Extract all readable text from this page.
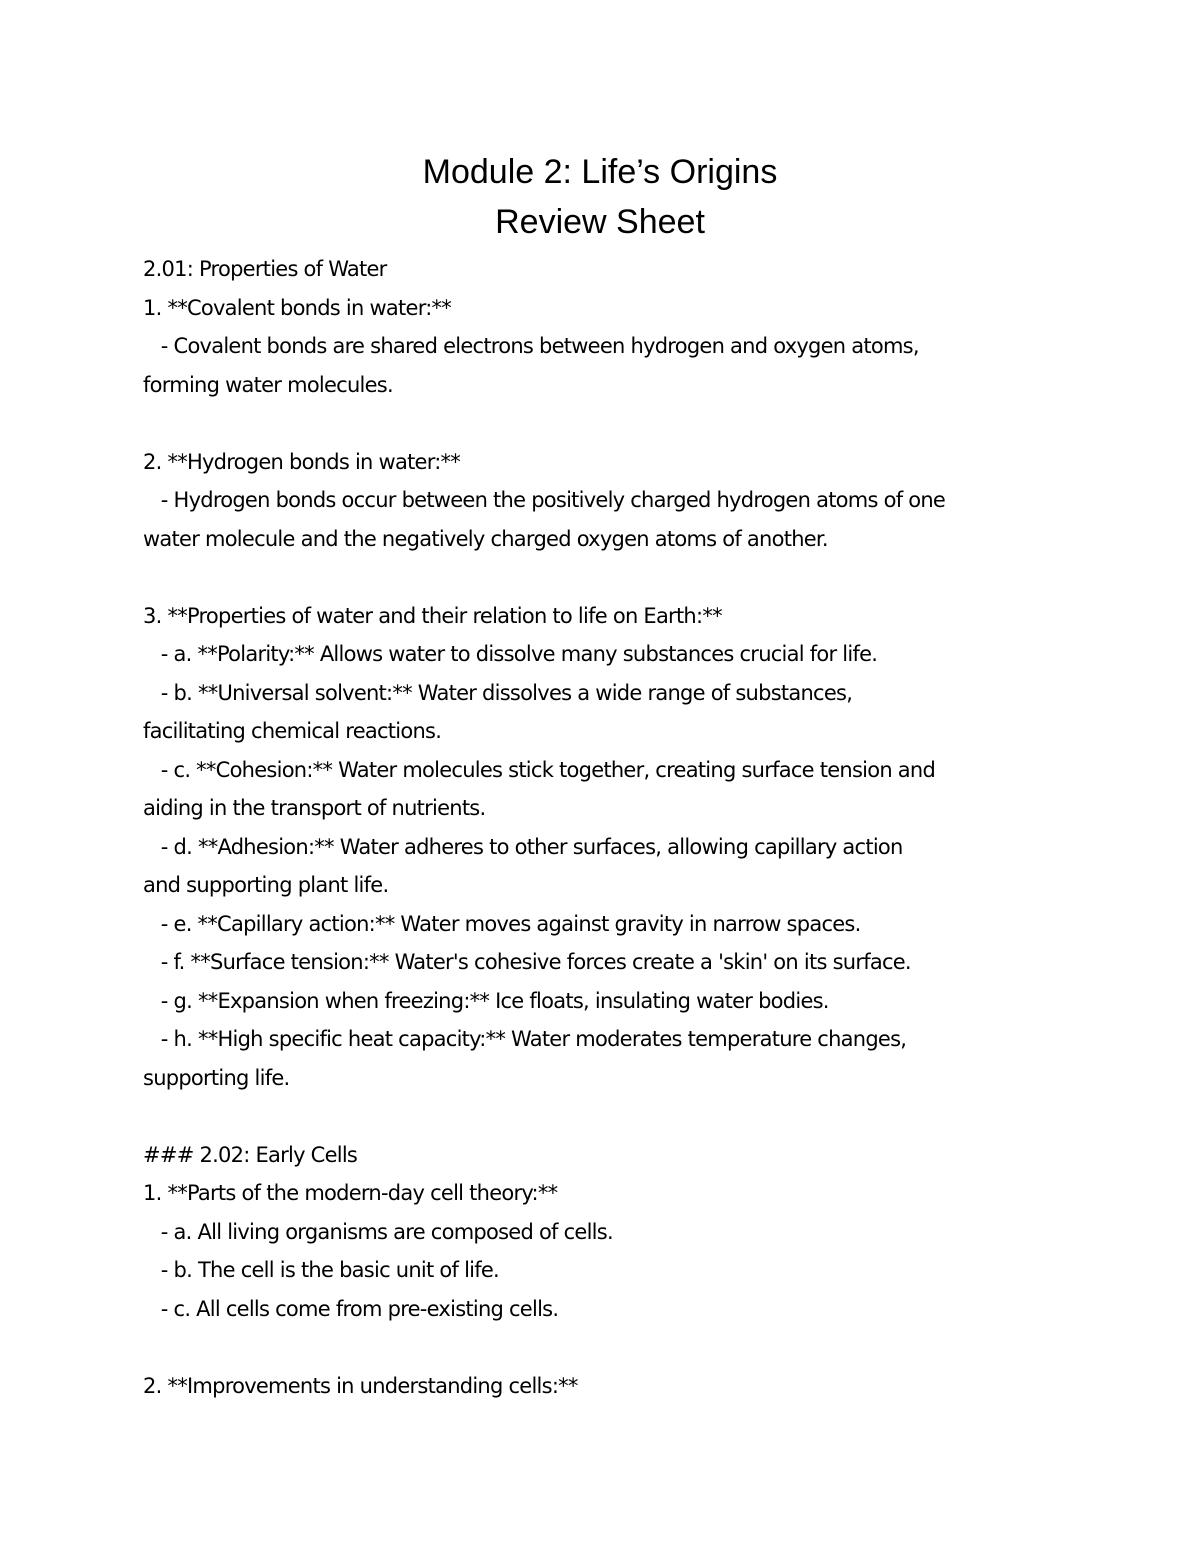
Module 2: Life’s Origins
Review Sheet
2.01: Properties of Water
1. **Covalent bonds in water:**
- Covalent bonds are shared electrons between hydrogen and oxygen atoms,
forming water molecules.
2. **Hydrogen bonds in water:**
- Hydrogen bonds occur between the positively charged hydrogen atoms of one
water molecule and the negatively charged oxygen atoms of another.
3. **Properties of water and their relation to life on Earth:**
- a. **Polarity:** Allows water to dissolve many substances crucial for life.
- b. **Universal solvent:** Water dissolves a wide range of substances,
facilitating chemical reactions.
- c. **Cohesion:** Water molecules stick together, creating surface tension and
aiding in the transport of nutrients.
- d. **Adhesion:** Water adheres to other surfaces, allowing capillary action
and supporting plant life.
- e. **Capillary action:** Water moves against gravity in narrow spaces.
- f. **Surface tension:** Water's cohesive forces create a 'skin' on its surface.
- g. **Expansion when freezing:** Ice floats, insulating water bodies.
- h. **High specific heat capacity:** Water moderates temperature changes,
supporting life.
### 2.02: Early Cells
1. **Parts of the modern-day cell theory:**
- a. All living organisms are composed of cells.
- b. The cell is the basic unit of life.
- c. All cells come from pre-existing cells.
2. **Improvements in understanding cells:**
